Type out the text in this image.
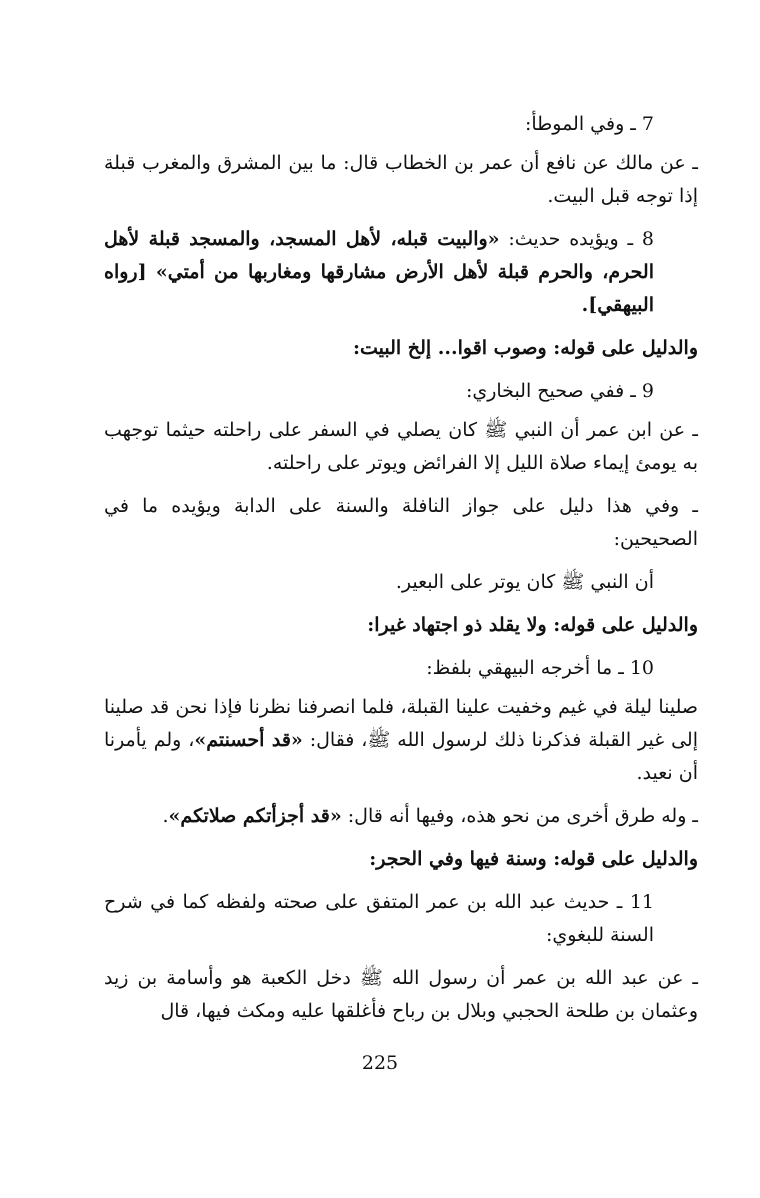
7 ـ وفي الموطأ:

ـ عن مالك عن نافع أن عمر بن الخطاب قال: ما بين المشرق والمغرب قبلة إذا توجه قبل البيت.

8 ـ ويؤيده حديث: «والبيت قبله، لأهل المسجد، والمسجد قبلة لأهل الحرم، والحرم قبلة لأهل الأرض مشارقها ومغاربها من أمتي» [رواه البيهقي].

والدليل على قوله: وصوب اقوا... إلخ البيت:

9 ـ ففي صحيح البخاري:

ـ عن ابن عمر أن النبي ﷺ كان يصلي في السفر على راحلته حيثما توجهب به يومئ إيماء صلاة الليل إلا الفرائض ويوتر على راحلته.

ـ وفي هذا دليل على جواز النافلة والسنة على الدابة ويؤيده ما في الصحيحين:

أن النبي ﷺ كان يوتر على البعير.

والدليل على قوله: ولا يقلد ذو اجتهاد غيرا:

10 ـ ما أخرجه البيهقي بلفظ:

صلينا ليلة في غيم وخفيت علينا القبلة، فلما انصرفنا نظرنا فإذا نحن قد صلينا إلى غير القبلة فذكرنا ذلك لرسول الله ﷺ، فقال: «قد أحسنتم»، ولم يأمرنا أن نعيد.

ـ وله طرق أخرى من نحو هذه، وفيها أنه قال: «قد أجزأتكم صلاتكم».

والدليل على قوله: وسنة فيها وفي الحجر:

11 ـ حديث عبد الله بن عمر المتفق على صحته ولفظه كما في شرح السنة للبغوي:

ـ عن عبد الله بن عمر أن رسول الله ﷺ دخل الكعبة هو وأسامة بن زيد وعثمان بن طلحة الحجبي وبلال بن رباح فأغلقها عليه ومكث فيها، قال

225
